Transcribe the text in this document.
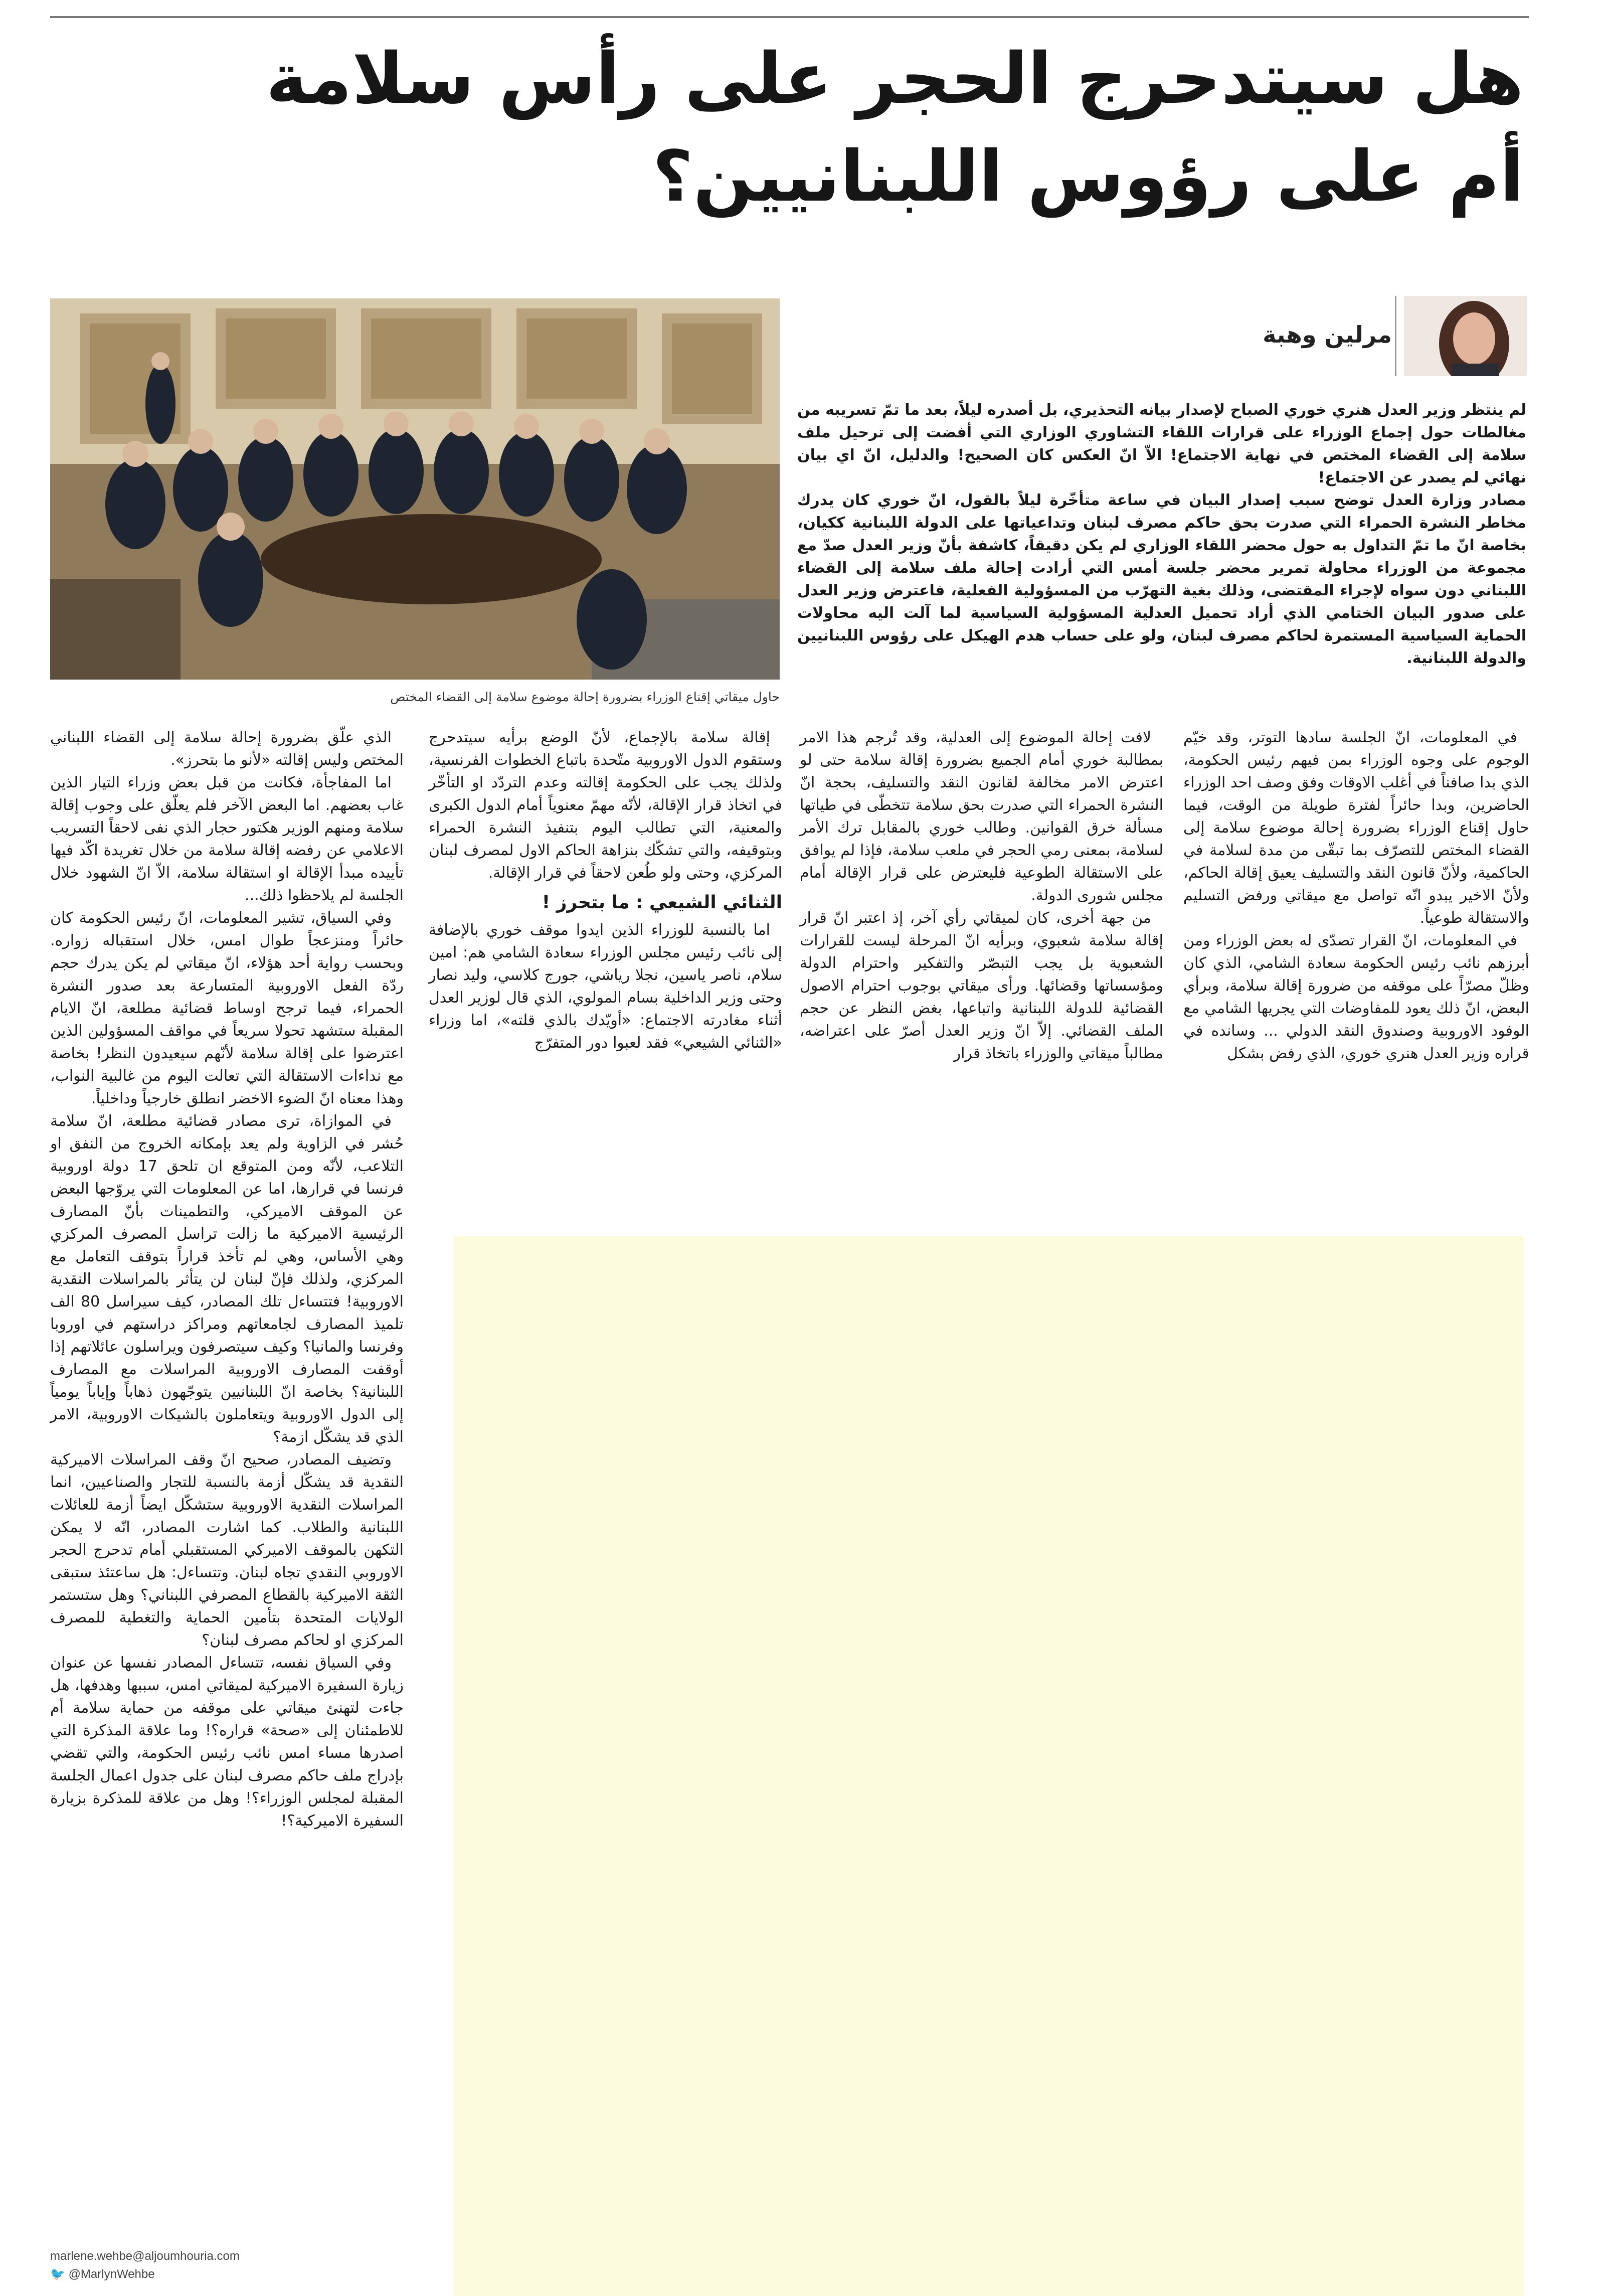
هل سيتدحرج الحجر على رأس سلامة
أم على رؤوس اللبنانيين؟
حاول ميقاتي إقناع الوزراء بضرورة إحالة موضوع سلامة إلى القضاء المختص
مرلين وهبة

لم ينتظر وزير العدل هنري خوري الصباح لإصدار بيانه التحذيري، بل أصدره ليلاً، بعد ما تمّ تسريبه من مغالطات حول إجماع الوزراء على قرارات اللقاء التشاوري الوزاري التي أفضت إلى ترحيل ملف سلامة إلى القضاء المختص في نهاية الاجتماع! الاّ انّ العكس كان الصحيح! والدليل، انّ اي بيان نهائي لم يصدر عن الاجتماع!

مصادر وزارة العدل توضح سبب إصدار البيان في ساعة متأخّرة ليلاً بالقول، انّ خوري كان يدرك مخاطر النشرة الحمراء التي صدرت بحق حاكم مصرف لبنان وتداعياتها على الدولة اللبنانية ككيان، بخاصة انّ ما تمّ التداول به حول محضر اللقاء الوزاري لم يكن دقيقاً، كاشفة بأنّ وزير العدل صدّ مع مجموعة من الوزراء محاولة تمرير محضر جلسة أمس التي أرادت إحالة ملف سلامة إلى القضاء اللبناني دون سواه لإجراء المقتضى، وذلك بغية التهرّب من المسؤولية الفعلية، فاعترض وزير العدل على صدور البيان الختامي الذي أراد تحميل العدلية المسؤولية السياسية لما آلت اليه محاولات الحماية السياسية المستمرة لحاكم مصرف لبنان، ولو على حساب هدم الهيكل على رؤوس اللبنانيين والدولة اللبنانية.

في المعلومات، انّ الجلسة سادها التوتر، وقد خيّم الوجوم على وجوه الوزراء بمن فيهم رئيس الحكومة، الذي بدا صافناً في أغلب الاوقات وفق وصف احد الوزراء الحاضرين، وبدا حائراً لفترة طويلة من الوقت، فيما حاول إقناع الوزراء بضرورة إحالة موضوع سلامة إلى القضاء المختص للتصرّف بما تبقّى من مدة لسلامة في الحاكمية، ولأنّ قانون النقد والتسليف يعيق إقالة الحاكم، ولأنّ الاخير يبدو انّه تواصل مع ميقاتي ورفض التسليم والاستقالة طوعياً.

في المعلومات، انّ القرار تصدّى له بعض الوزراء ومن أبرزهم نائب رئيس الحكومة سعادة الشامي، الذي كان وظلّ مصرّاً على موقفه من ضرورة إقالة سلامة، وبرأي البعض، انّ ذلك يعود للمفاوضات التي يجريها الشامي مع الوفود الاوروبية وصندوق النقد الدولي ... وسانده في قراره وزير العدل هنري خوري، الذي رفض بشكل

لافت إحالة الموضوع إلى العدلية، وقد تُرجم هذا الامر بمطالبة خوري أمام الجميع بضرورة إقالة سلامة حتى لو اعترض الامر مخالفة لقانون النقد والتسليف، بحجة انّ النشرة الحمراء التي صدرت بحق سلامة تتخطّى في طياتها مسألة خرق القوانين. وطالب خوري بالمقابل ترك الأمر لسلامة، بمعنى رمي الحجر في ملعب سلامة، فإذا لم يوافق على الاستقالة الطوعية فليعترض على قرار الإقالة أمام مجلس شورى الدولة.

من جهة أخرى، كان لميقاتي رأي آخر، إذ اعتبر انّ قرار إقالة سلامة شعبوي، وبرأيه انّ المرحلة ليست للقرارات الشعبوية بل يجب التبصّر والتفكير واحترام الدولة ومؤسساتها وقضائها. ورأى ميقاتي بوجوب احترام الاصول القضائية للدولة اللبنانية واتباعها، بغض النظر عن حجم الملف القضائي. إلاّ انّ وزير العدل أصرّ على اعتراضه، مطالباً ميقاتي والوزراء باتخاذ قرار

إقالة سلامة بالإجماع، لأنّ الوضع برأيه سيتدحرج وستقوم الدول الاوروبية متّحدة باتباع الخطوات الفرنسية، ولذلك يجب على الحكومة إقالته وعدم التردّد او التأخّر في اتخاذ قرار الإقالة، لأنّه مهمّ معنوياً أمام الدول الكبرى والمعنية، التي تطالب اليوم بتنفيذ النشرة الحمراء وبتوقيفه، والتي تشكّك بنزاهة الحاكم الاول لمصرف لبنان المركزي، وحتى ولو طُعن لاحقاً في قرار الإقالة.

الثنائي الشيعي : ما بتحرز !

اما بالنسبة للوزراء الذين ايدوا موقف خوري بالإضافة إلى نائب رئيس مجلس الوزراء سعادة الشامي هم: امين سلام، ناصر ياسين، نجلا رياشي، جورج كلاسي، وليد نصار وحتى وزير الداخلية بسام المولوي، الذي قال لوزير العدل أثناء مغادرته الاجتماع: «أويّدك بالذي قلته»، اما وزراء «الثنائي الشيعي» فقد لعبوا دور المتفرّج

الذي علّق بضرورة إحالة سلامة إلى القضاء اللبناني المختص وليس إقالته «لأنو ما بتحرز».

اما المفاجأة، فكانت من قبل بعض وزراء التيار الذين غاب بعضهم. اما البعض الآخر فلم يعلّق على وجوب إقالة سلامة ومنهم الوزير هكتور حجار الذي نفى لاحقاً التسريب الاعلامي عن رفضه إقالة سلامة من خلال تغريدة اكّد فيها تأييده مبدأ الإقالة او استقالة سلامة، الاّ انّ الشهود خلال الجلسة لم يلاحظوا ذلك...

وفي السياق، تشير المعلومات، انّ رئيس الحكومة كان حائراً ومنزعجاً طوال امس، خلال استقباله زواره. وبحسب رواية أحد هؤلاء، انّ ميقاتي لم يكن يدرك حجم ردّة الفعل الاوروبية المتسارعة بعد صدور النشرة الحمراء، فيما ترجح اوساط قضائية مطلعة، انّ الايام المقبلة ستشهد تحولا سريعاً في مواقف المسؤولين الذين اعترضوا على إقالة سلامة لأنّهم سيعيدون النظر! بخاصة مع نداءات الاستقالة التي تعالت اليوم من غالبية النواب، وهذا معناه انّ الضوء الاخضر انطلق خارجياً وداخلياً.

في الموازاة، ترى مصادر قضائية مطلعة، انّ سلامة حُشر في الزاوية ولم يعد بإمكانه الخروج من النفق او التلاعب، لأنّه ومن المتوقع ان تلحق 17 دولة اوروبية فرنسا في قرارها، اما عن المعلومات التي يروّجها البعض عن الموقف الاميركي، والتطمينات بأنّ المصارف الرئيسية الاميركية ما زالت تراسل المصرف المركزي وهي الأساس، وهي لم تأخذ قراراً بتوقف التعامل مع المركزي، ولذلك فإنّ لبنان لن يتأثر بالمراسلات النقدية الاوروبية! فتتساءل تلك المصادر، كيف سيراسل 80 الف تلميذ المصارف لجامعاتهم ومراكز دراستهم في اوروبا وفرنسا والمانيا؟ وكيف سيتصرفون ويراسلون عائلاتهم إذا أوقفت المصارف الاوروبية المراسلات مع المصارف اللبنانية؟ بخاصة انّ اللبنانيين يتوجّهون ذهاباً وإياباً يومياً إلى الدول الاوروبية ويتعاملون بالشيكات الاوروبية، الامر الذي قد يشكّل ازمة؟

وتضيف المصادر، صحيح انّ وقف المراسلات الاميركية النقدية قد يشكّل أزمة بالنسبة للتجار والصناعيين، انما المراسلات النقدية الاوروبية ستشكّل ايضاً أزمة للعائلات اللبنانية والطلاب. كما اشارت المصادر، انّه لا يمكن التكهن بالموقف الاميركي المستقبلي أمام تدحرج الحجر الاوروبي النقدي تجاه لبنان. وتتساءل: هل ساعتئذ ستبقى الثقة الاميركية بالقطاع المصرفي اللبناني؟ وهل ستستمر الولايات المتحدة بتأمين الحماية والتغطية للمصرف المركزي او لحاكم مصرف لبنان؟

وفي السياق نفسه، تتساءل المصادر نفسها عن عنوان زيارة السفيرة الاميركية لميقاتي امس، سببها وهدفها، هل جاءت لتهنئ ميقاتي على موقفه من حماية سلامة أم للاطمئنان إلى «صحة» قراره؟! وما علاقة المذكرة التي اصدرها مساء امس نائب رئيس الحكومة، والتي تقضي بإدراج ملف حاكم مصرف لبنان على جدول اعمال الجلسة المقبلة لمجلس الوزراء؟! وهل من علاقة للمذكرة بزيارة السفيرة الاميركية؟!

marlene.wehbe@aljoumhouria.com
🐦 @MarlynWehbe
